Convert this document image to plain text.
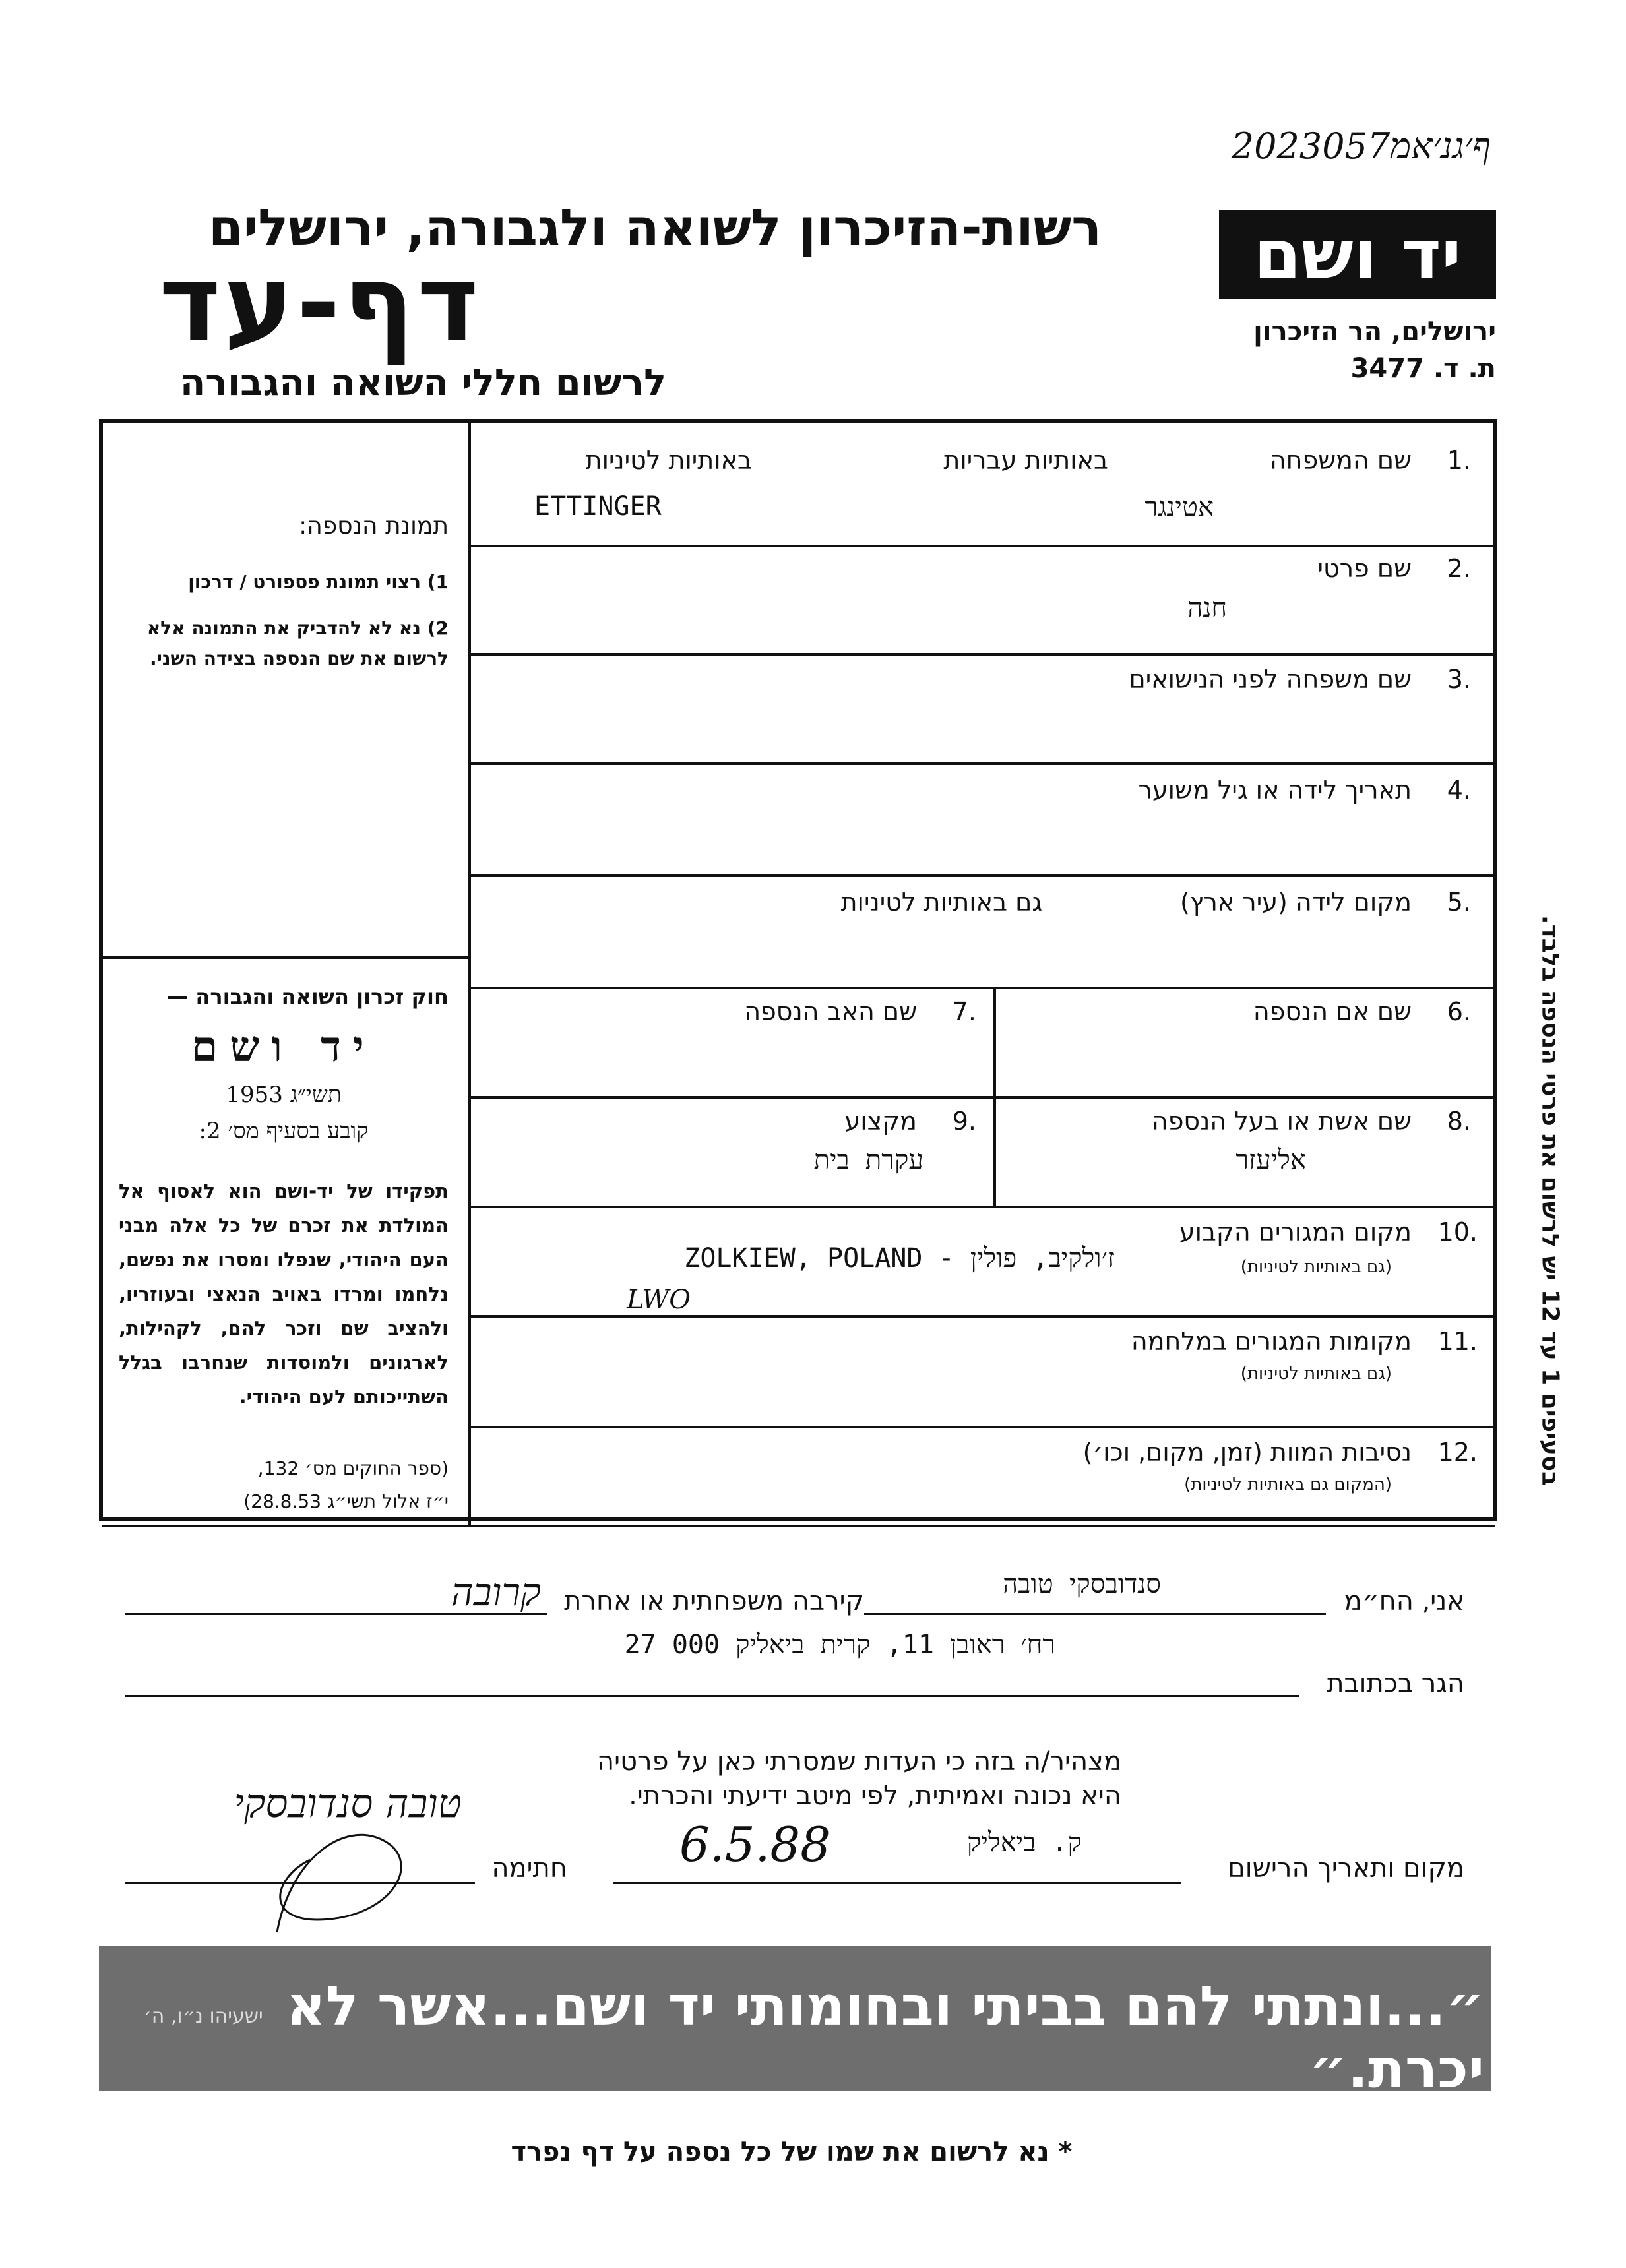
ף׳גנ׳אמ2023057
רשות-הזיכרון לשואה ולגבורה, ירושלים
דף-עד
לרשום חללי השואה והגבורה
יד ושם
ירושלים, הר הזיכרון
ת. ד. 3477
תמונת הנספה:
1) רצוי תמונת פספורט / דרכון
2) נא לא להדביק את התמונה אלא לרשום את שם הנספה בצידה השני.
חוק זכרון השואה והגבורה —
יד ושם
תשי״ג 1953
קובע בסעיף מס׳ 2:
תפקידו של יד-ושם הוא לאסוף אל המולדת את זכרם של כל אלה מבני העם היהודי, שנפלו ומסרו את נפשם, נלחמו ומרדו באויב הנאצי ובעוזריו, ולהציב שם וזכר להם, לקהילות, לארגונים ולמוסדות שנחרבו בגלל השתייכותם לעם היהודי.
(ספר החוקים מס׳ 132,
י״ז אלול תשי״ג 28.8.53)
1.
שם המשפחה
באותיות עבריות
באותיות לטיניות
אטינגר
ETTINGER
2.
שם פרטי
חנה
3.
שם משפחה לפני הנישואים
4.
תאריך לידה או גיל משוער
5.
מקום לידה (עיר ארץ)
גם באותיות לטיניות
6.
שם אם הנספה
7.
שם האב הנספה
8.
שם אשת או בעל הנספה
אליעזר
9.
מקצוע
עקרת בית
10.
מקום המגורים הקבוע
(גם באותיות לטיניות)
ז׳ולקיב, פולין - ZOLKIEW, POLAND
LWO
11.
מקומות המגורים במלחמה
(גם באותיות לטיניות)
12.
נסיבות המוות (זמן, מקום, וכו׳)
(המקום גם באותיות לטיניות)
בסעיפים 1 עד 12 יש לרשום את פרטי הנספה בלבד.
אני, הח״מ
סנדובסקי טובה
קירבה משפחתית או אחרת
קרובה
הגר בכתובת
רח׳ ראובן 11, קרית ביאליק 000 27
מצהיר/ה בזה כי העדות שמסרתי כאן על פרטיה
היא נכונה ואמיתית, לפי מיטב ידיעתי והכרתי.
מקום ותאריך הרישום
ק. ביאליק
6.5.88
חתימה
טובה סנדובסקי
״...ונתתי להם בביתי ובחומותי יד ושם...אשר לא יכרת.״
ישעיהו נ״ו, ה׳
* נא לרשום את שמו של כל נספה על דף נפרד
